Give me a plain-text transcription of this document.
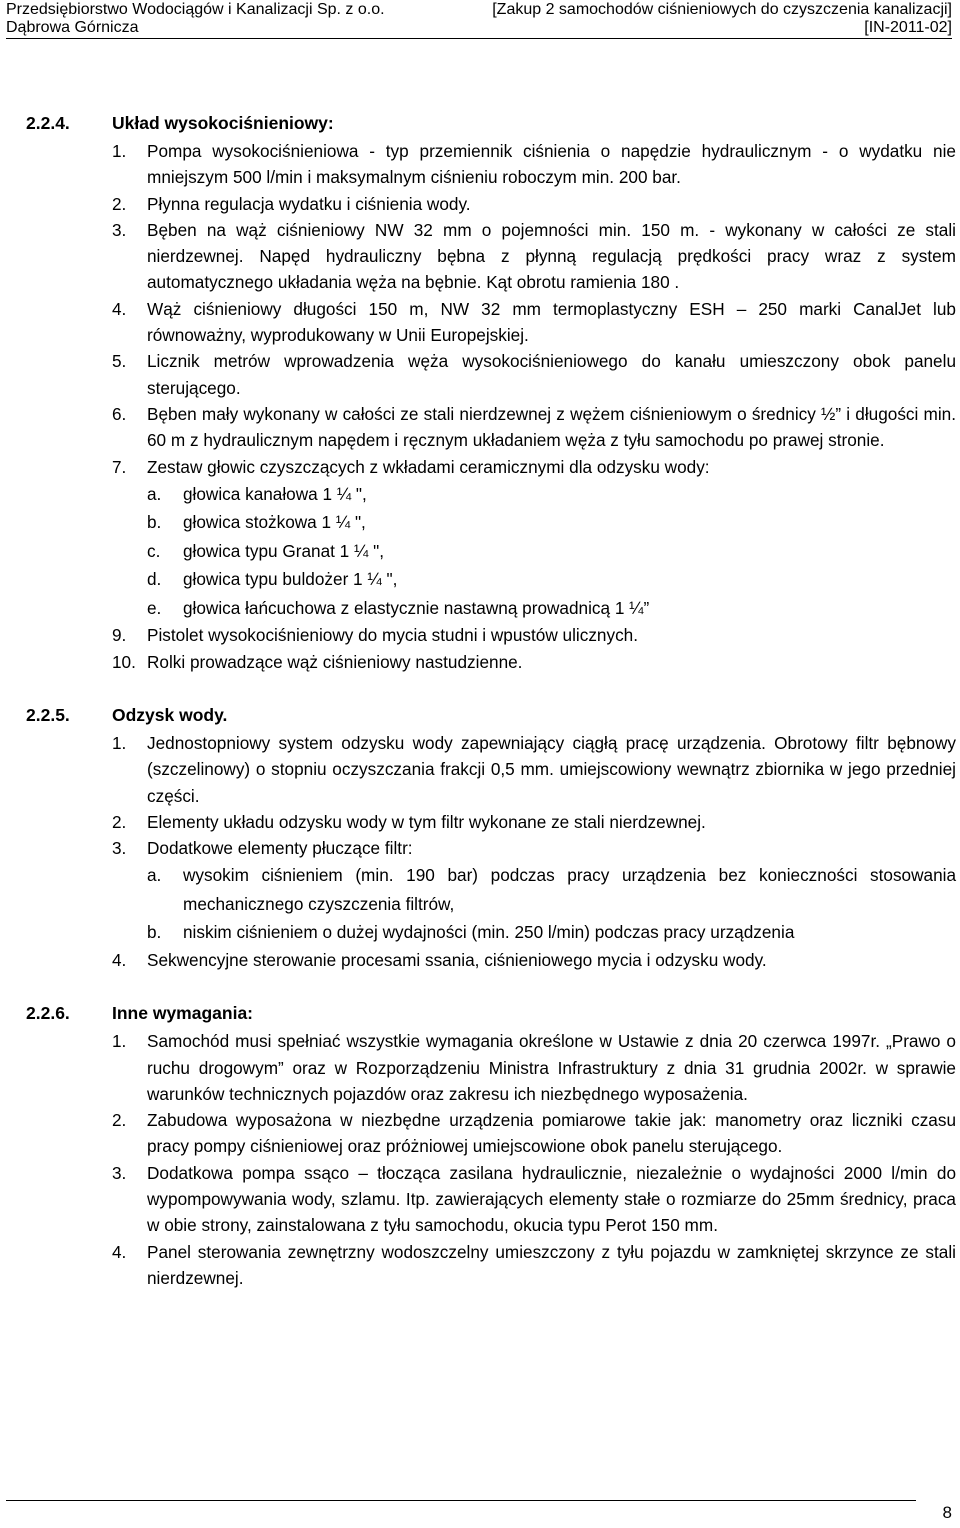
Przedsiębiorstwo Wodociągów i Kanalizacji Sp. z o.o.
Dąbrowa Górnicza
[Zakup 2 samochodów ciśnieniowych do czyszczenia kanalizacji]
[IN-2011-02]
2.2.4. Układ wysokociśnieniowy:
1. Pompa wysokociśnieniowa - typ przemiennik ciśnienia o napędzie hydraulicznym - o wydatku nie mniejszym 500 l/min i maksymalnym ciśnieniu roboczym min. 200 bar.
2. Płynna regulacja wydatku i ciśnienia wody.
3. Bęben na wąż ciśnieniowy NW 32 mm o pojemności min. 150 m. - wykonany w całości ze stali nierdzewnej. Napęd hydrauliczny bębna z płynną regulacją prędkości pracy wraz z system automatycznego układania węża na bębnie. Kąt obrotu ramienia 180 .
4. Wąż ciśnieniowy długości 150 m, NW 32 mm termoplastyczny ESH – 250 marki CanalJet lub równoważny, wyprodukowany w Unii Europejskiej.
5. Licznik metrów wprowadzenia węża wysokociśnieniowego do kanału umieszczony obok panelu sterującego.
6. Bęben mały wykonany w całości ze stali nierdzewnej z wężem ciśnieniowym o średnicy ½” i długości min. 60 m z hydraulicznym napędem i ręcznym układaniem węża z tyłu samochodu po prawej stronie.
7. Zestaw głowic czyszczących z wkładami ceramicznymi dla odzysku wody:
a. głowica kanałowa 1 ¼ ",
b. głowica stożkowa 1 ¼ ",
c. głowica typu Granat 1 ¼ ",
d. głowica typu buldożer 1 ¼ ",
e. głowica łańcuchowa z elastycznie nastawną prowadnicą 1 ¼”
9. Pistolet wysokociśnieniowy do mycia studni i wpustów ulicznych.
10. Rolki prowadzące wąż ciśnieniowy nastudzienne.
2.2.5. Odzysk wody.
1. Jednostopniowy system odzysku wody zapewniający ciągłą pracę urządzenia. Obrotowy filtr bębnowy (szczelinowy) o stopniu oczyszczania frakcji 0,5 mm. umiejscowiony wewnątrz zbiornika w jego przedniej części.
2. Elementy układu odzysku wody w tym filtr wykonane ze stali nierdzewnej.
3. Dodatkowe elementy płuczące filtr:
a. wysokim ciśnieniem (min. 190 bar) podczas pracy urządzenia bez konieczności stosowania mechanicznego czyszczenia filtrów,
b. niskim ciśnieniem o dużej wydajności (min. 250 l/min) podczas pracy urządzenia
4. Sekwencyjne sterowanie procesami ssania, ciśnieniowego mycia i odzysku wody.
2.2.6. Inne wymagania:
1. Samochód musi spełniać wszystkie wymagania określone w Ustawie z dnia 20 czerwca 1997r. „Prawo o ruchu drogowym” oraz w Rozporządzeniu Ministra Infrastruktury z dnia 31 grudnia 2002r. w sprawie warunków technicznych pojazdów oraz zakresu ich niezbędnego wyposażenia.
2. Zabudowa wyposażona w niezbędne urządzenia pomiarowe takie jak: manometry oraz liczniki czasu pracy pompy ciśnieniowej oraz próżniowej umiejscowione obok panelu sterującego.
3. Dodatkowa pompa ssąco – tłocząca zasilana hydraulicznie, niezależnie o wydajności 2000 l/min do wypompowywania wody, szlamu. Itp. zawierających elementy stałe o rozmiarze do 25mm średnicy, praca w obie strony, zainstalowana z tyłu samochodu, okucia typu Perot 150 mm.
4. Panel sterowania zewnętrzny wodoszczelny umieszczony z tyłu pojazdu w zamkniętej skrzynce ze stali nierdzewnej.
8
